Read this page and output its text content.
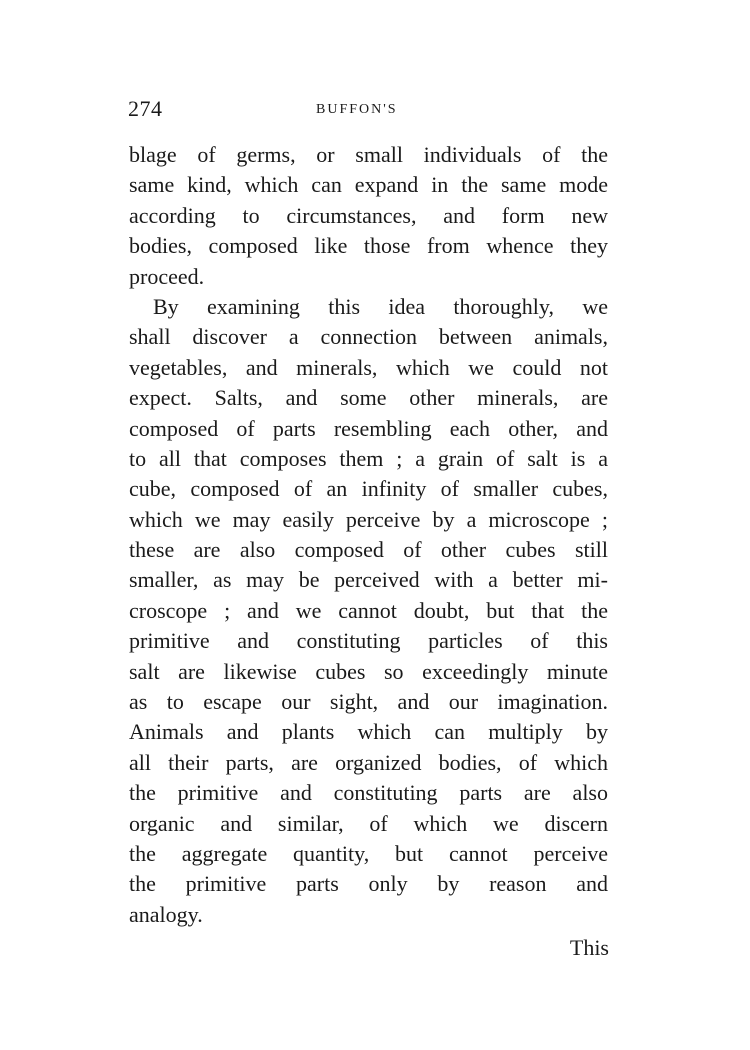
274	BUFFON'S
blage of germs, or small individuals of the
same kind, which can expand in the same mode
according to circumstances, and form new
bodies, composed like those from whence they
proceed.
By examining this idea thoroughly, we
shall discover a connection between animals,
vegetables, and minerals, which we could not
expect. Salts, and some other minerals, are
composed of parts resembling each other, and
to all that composes them ; a grain of salt is a
cube, composed of an infinity of smaller cubes,
which we may easily perceive by a microscope ;
these are also composed of other cubes still
smaller, as may be perceived with a better mi-
croscope ; and we cannot doubt, but that the
primitive and constituting particles of this
salt are likewise cubes so exceedingly minute
as to escape our sight, and our imagination.
Animals and plants which can multiply by
all their parts, are organized bodies, of which
the primitive and constituting parts are also
organic and similar, of which we discern
the aggregate quantity, but cannot perceive
the primitive parts only by reason and
analogy.
This
